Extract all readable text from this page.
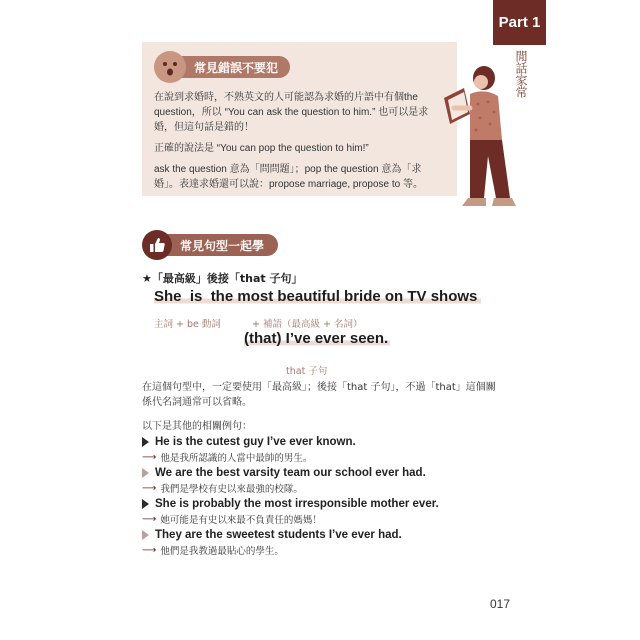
Part 1
閒話家常
常見錯誤不要犯

在說到求婚時，不熟英文的人可能認為求婚的片語中有個the question，所以 “You can ask the question to him.” 也可以是求婚，但這句話是錯的！

正確的說法是 “You can pop the question to him!”

ask the question 意為「問問題」；pop the question 意為「求婚」。表達求婚還可以說：propose marriage, propose to 等。

常見句型一起學
★「最高級」後接「that 子句」
She  is  the most beautiful bride on TV shows
主詞 + be 動詞	+ 補語（最高級 + 名詞）
(that) I’ve ever seen.
that 子句
在這個句型中，一定要使用「最高級」；後接「that 子句」，不過「that」這個關係代名詞通常可以省略。
以下是其他的相關例句：
He is the cutest guy I’ve ever known.
⟶ 他是我所認識的人當中最帥的男生。
We are the best varsity team our school ever had.
⟶ 我們是學校有史以來最強的校隊。
She is probably the most irresponsible mother ever.
⟶ 她可能是有史以來最不負責任的媽媽！
They are the sweetest students I’ve ever had.
⟶ 他們是我教過最貼心的學生。
017
